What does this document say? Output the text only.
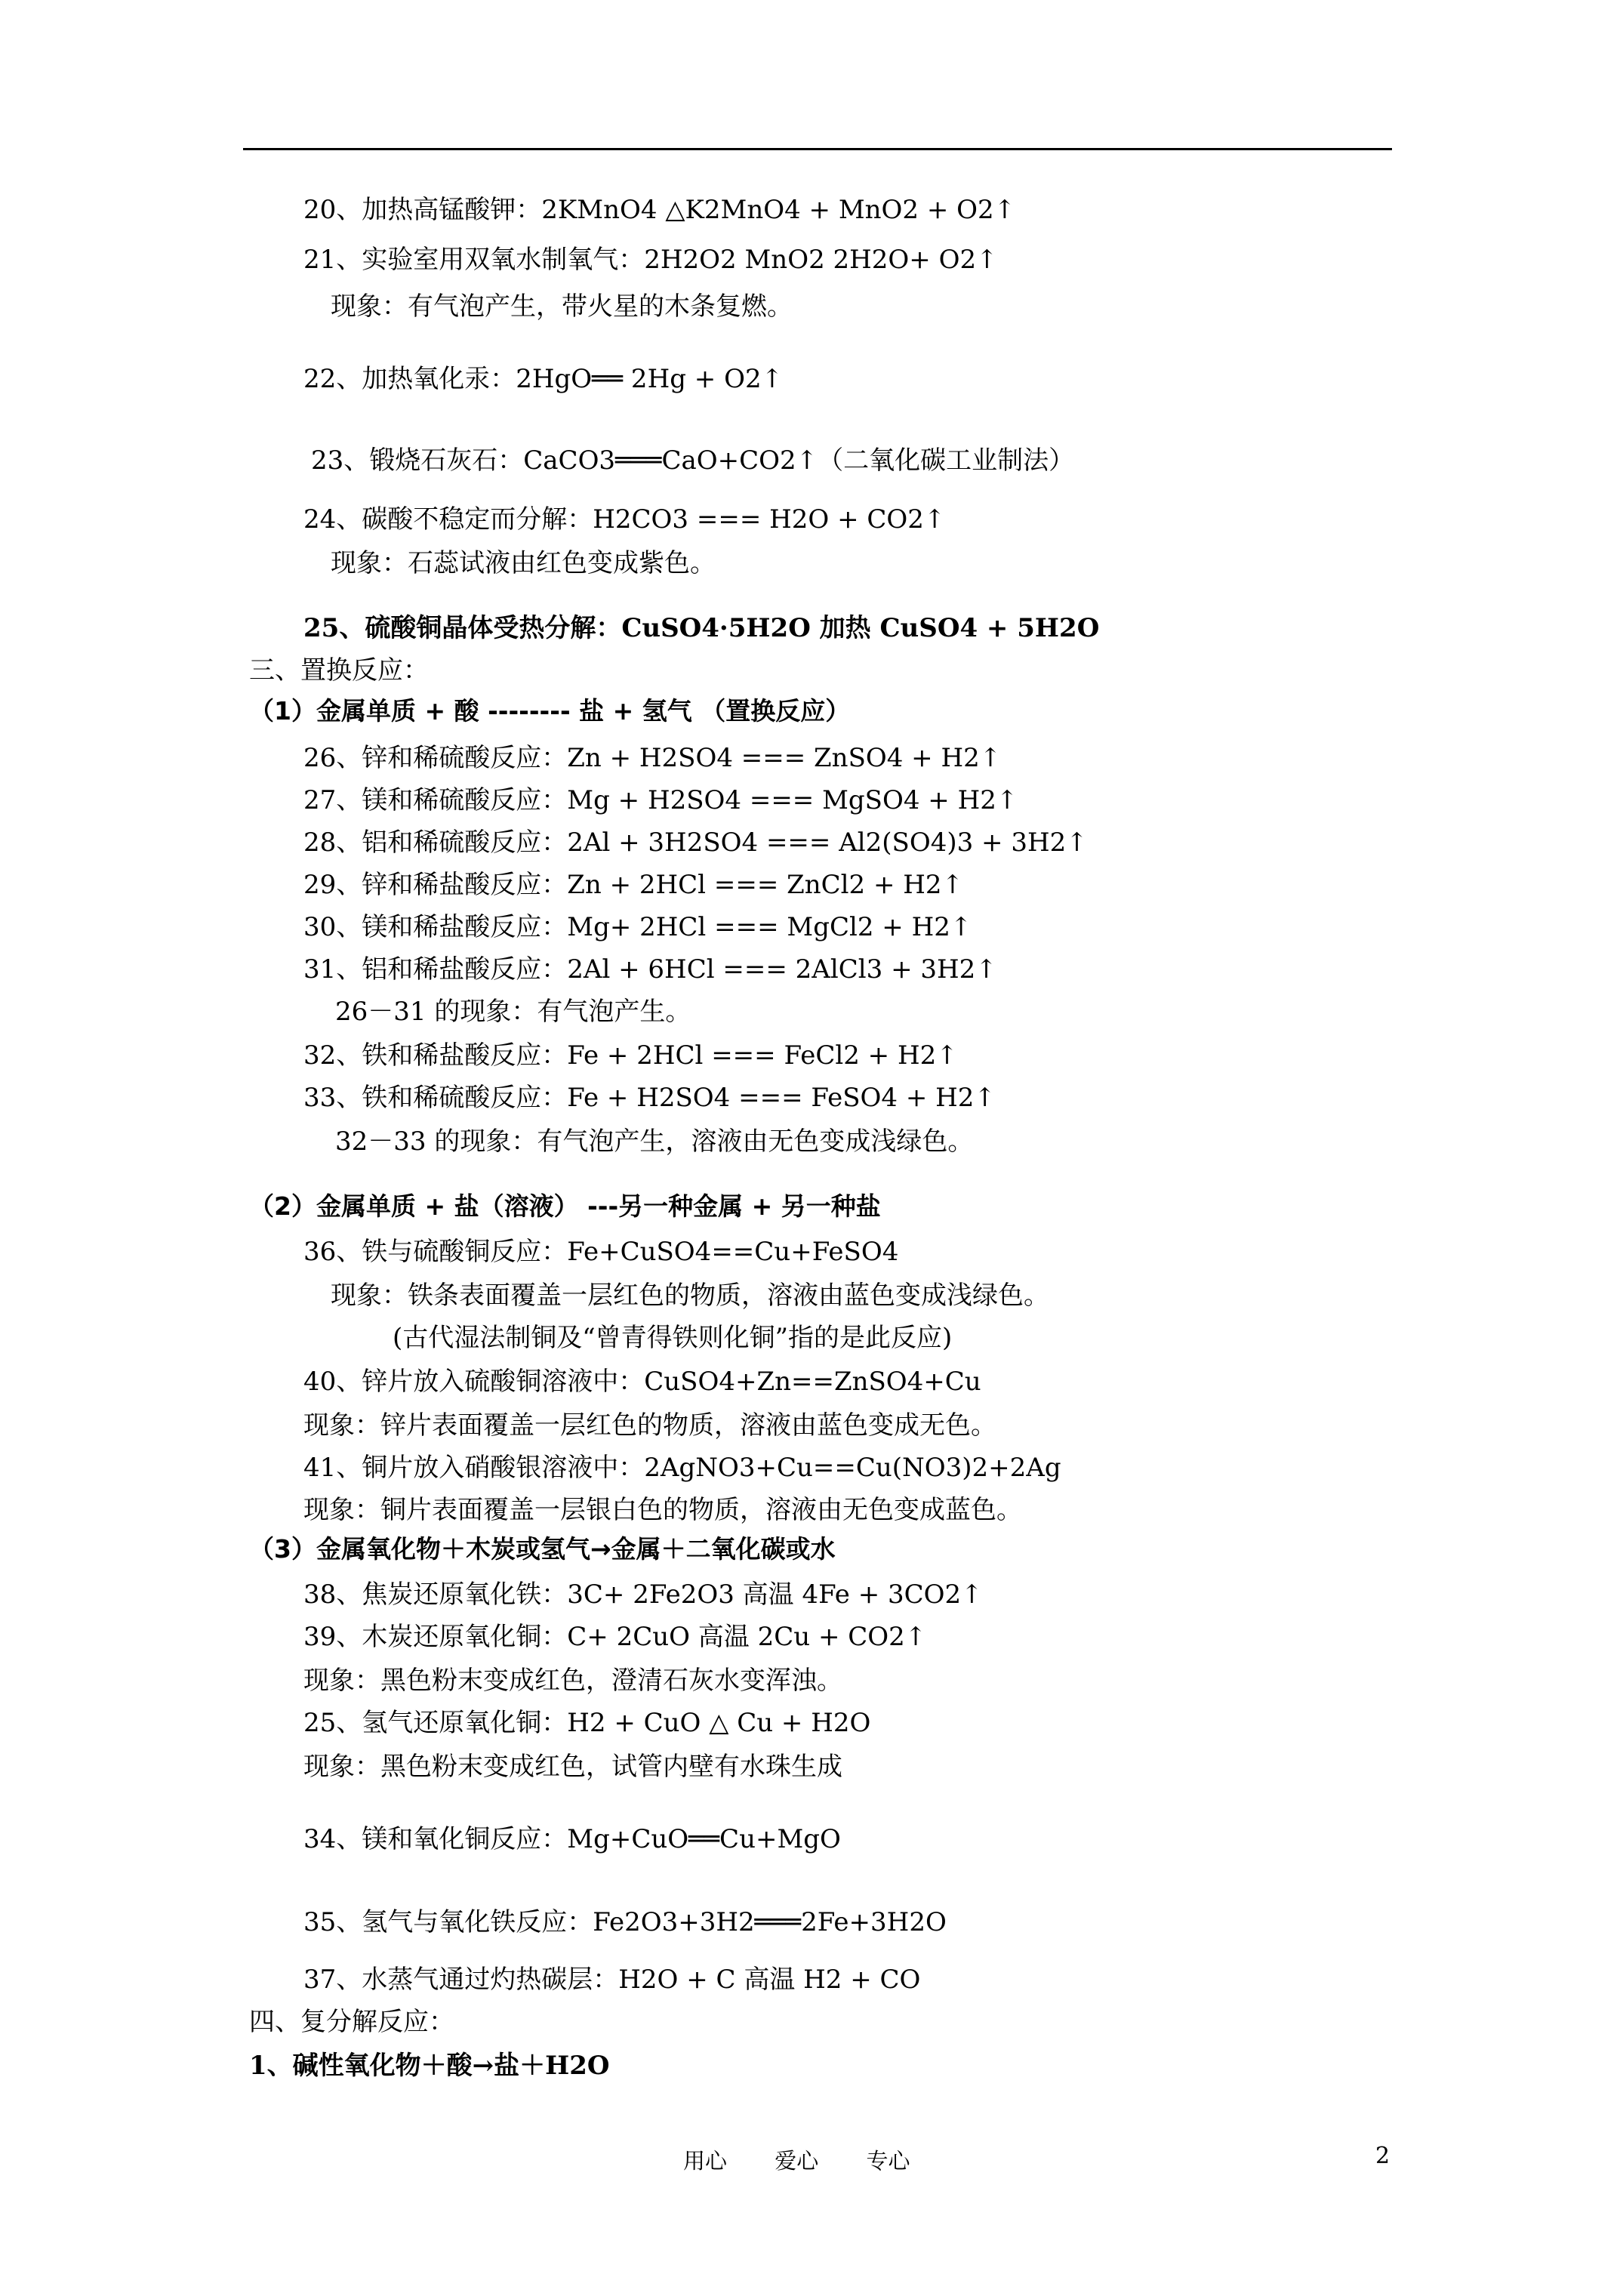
20、加热高锰酸钾：2KMnO4 △K2MnO4 + MnO2 + O2↑
21、实验室用双氧水制氧气：2H2O2 MnO2 2H2O+ O2↑
现象：有气泡产生，带火星的木条复燃。
22、加热氧化汞：2HgO══ 2Hg + O2↑
23、锻烧石灰石：CaCO3═══CaO+CO2↑（二氧化碳工业制法）
24、碳酸不稳定而分解：H2CO3 === H2O + CO2↑
现象：石蕊试液由红色变成紫色。
25、硫酸铜晶体受热分解：CuSO4·5H2O 加热 CuSO4 + 5H2O
三、置换反应：
（1）金属单质 + 酸 -------- 盐 + 氢气 （置换反应）
26、锌和稀硫酸反应：Zn + H2SO4 === ZnSO4 + H2↑
27、镁和稀硫酸反应：Mg + H2SO4 === MgSO4 + H2↑
28、铝和稀硫酸反应：2Al + 3H2SO4 === Al2(SO4)3 + 3H2↑
29、锌和稀盐酸反应：Zn + 2HCl === ZnCl2 + H2↑
30、镁和稀盐酸反应：Mg+ 2HCl === MgCl2 + H2↑
31、铝和稀盐酸反应：2Al + 6HCl === 2AlCl3 + 3H2↑
26－31 的现象：有气泡产生。
32、铁和稀盐酸反应：Fe + 2HCl === FeCl2 + H2↑
33、铁和稀硫酸反应：Fe + H2SO4 === FeSO4 + H2↑
32－33 的现象：有气泡产生，溶液由无色变成浅绿色。
（2）金属单质 + 盐（溶液） ---另一种金属 + 另一种盐
36、铁与硫酸铜反应：Fe+CuSO4==Cu+FeSO4
现象：铁条表面覆盖一层红色的物质，溶液由蓝色变成浅绿色。
(古代湿法制铜及“曾青得铁则化铜”指的是此反应)
40、锌片放入硫酸铜溶液中：CuSO4+Zn==ZnSO4+Cu
现象：锌片表面覆盖一层红色的物质，溶液由蓝色变成无色。
41、铜片放入硝酸银溶液中：2AgNO3+Cu==Cu(NO3)2+2Ag
现象：铜片表面覆盖一层银白色的物质，溶液由无色变成蓝色。
（3）金属氧化物＋木炭或氢气→金属＋二氧化碳或水
38、焦炭还原氧化铁：3C+ 2Fe2O3 高温 4Fe + 3CO2↑
39、木炭还原氧化铜：C+ 2CuO 高温 2Cu + CO2↑
现象：黑色粉末变成红色，澄清石灰水变浑浊。
25、氢气还原氧化铜：H2 + CuO △ Cu + H2O
现象：黑色粉末变成红色，试管内壁有水珠生成
34、镁和氧化铜反应：Mg+CuO══Cu+MgO
35、氢气与氧化铁反应：Fe2O3+3H2═══2Fe+3H2O
37、水蒸气通过灼热碳层：H2O + C 高温 H2 + CO
四、复分解反应：
1、碱性氧化物＋酸→盐＋H2O
用心 爱心 专心	2
